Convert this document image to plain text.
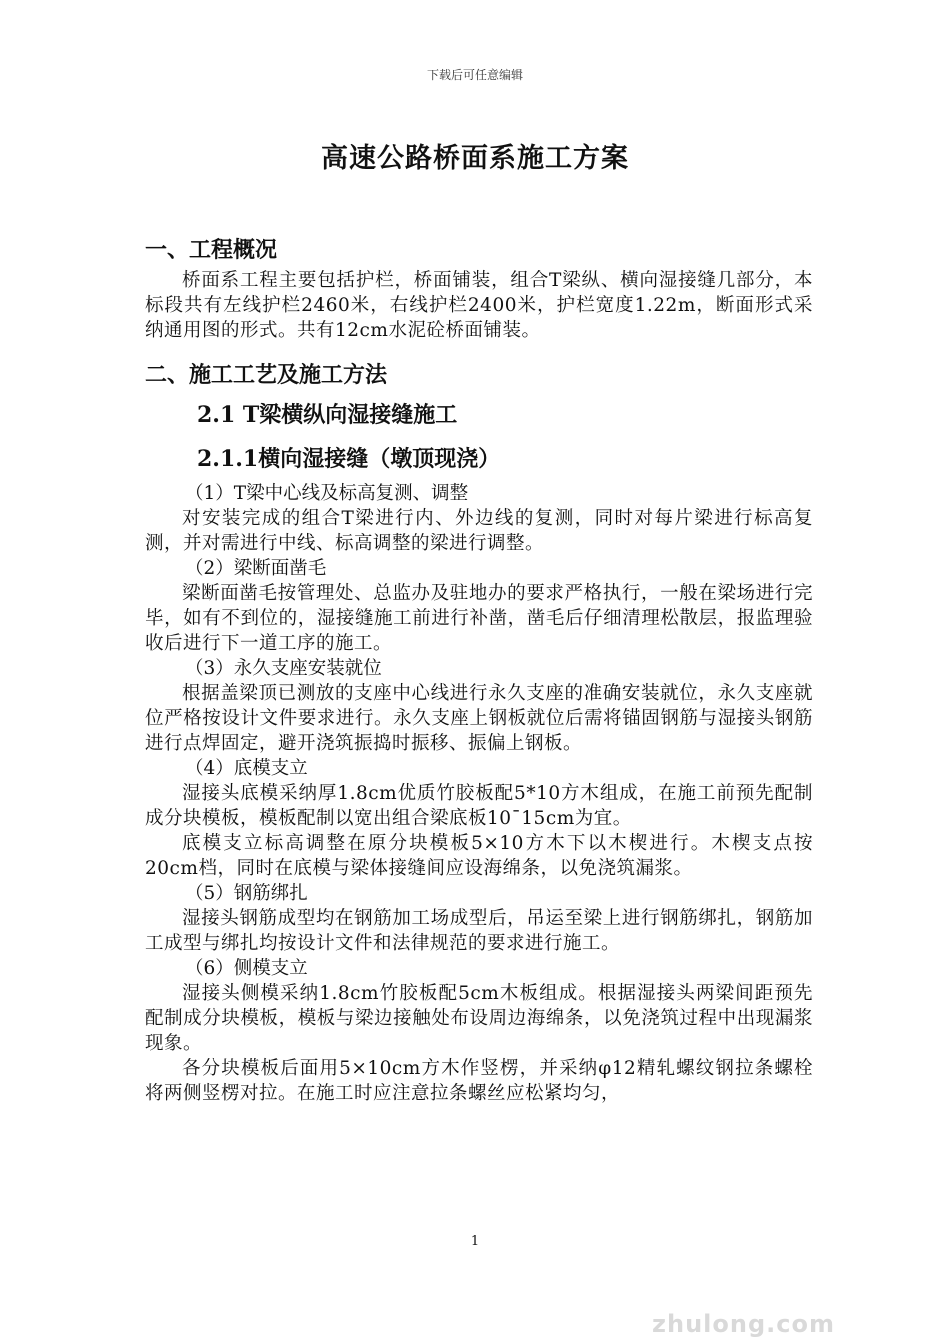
下载后可任意编辑
高速公路桥面系施工方案
一、工程概况

桥面系工程主要包括护栏，桥面铺装，组合T梁纵、横向湿接缝几部分，本标段共有左线护栏2460米，右线护栏2400米，护栏宽度1.22m，断面形式采纳通用图的形式。共有12cm水泥砼桥面铺装。

二、施工工艺及施工方法
2.1 T梁横纵向湿接缝施工
2.1.1横向湿接缝（墩顶现浇）
（1）T梁中心线及标高复测、调整

对安装完成的组合T梁进行内、外边线的复测，同时对每片梁进行标高复测，并对需进行中线、标高调整的梁进行调整。

（2）梁断面凿毛

梁断面凿毛按管理处、总监办及驻地办的要求严格执行，一般在梁场进行完毕，如有不到位的，湿接缝施工前进行补凿，凿毛后仔细清理松散层，报监理验收后进行下一道工序的施工。

（3）永久支座安装就位

根据盖梁顶已测放的支座中心线进行永久支座的准确安装就位，永久支座就位严格按设计文件要求进行。永久支座上钢板就位后需将锚固钢筋与湿接头钢筋进行点焊固定，避开浇筑振捣时振移、振偏上钢板。

（4）底模支立

湿接头底模采纳厚1.8cm优质竹胶板配5*10方木组成，在施工前预先配制成分块模板，模板配制以宽出组合梁底板10¯15cm为宜。

底模支立标高调整在原分块模板5×10方木下以木楔进行。木楔支点按20cm档，同时在底模与梁体接缝间应设海绵条，以免浇筑漏浆。

（5）钢筋绑扎

湿接头钢筋成型均在钢筋加工场成型后，吊运至梁上进行钢筋绑扎，钢筋加工成型与绑扎均按设计文件和法律规范的要求进行施工。

（6）侧模支立

湿接头侧模采纳1.8cm竹胶板配5cm木板组成。根据湿接头两梁间距预先配制成分块模板，模板与梁边接触处布设周边海绵条，以免浇筑过程中出现漏浆现象。

各分块模板后面用5×10cm方木作竖楞，并采纳φ12精轧螺纹钢拉条螺栓将两侧竖楞对拉。在施工时应注意拉条螺丝应松紧均匀，

1
zhulong.com
